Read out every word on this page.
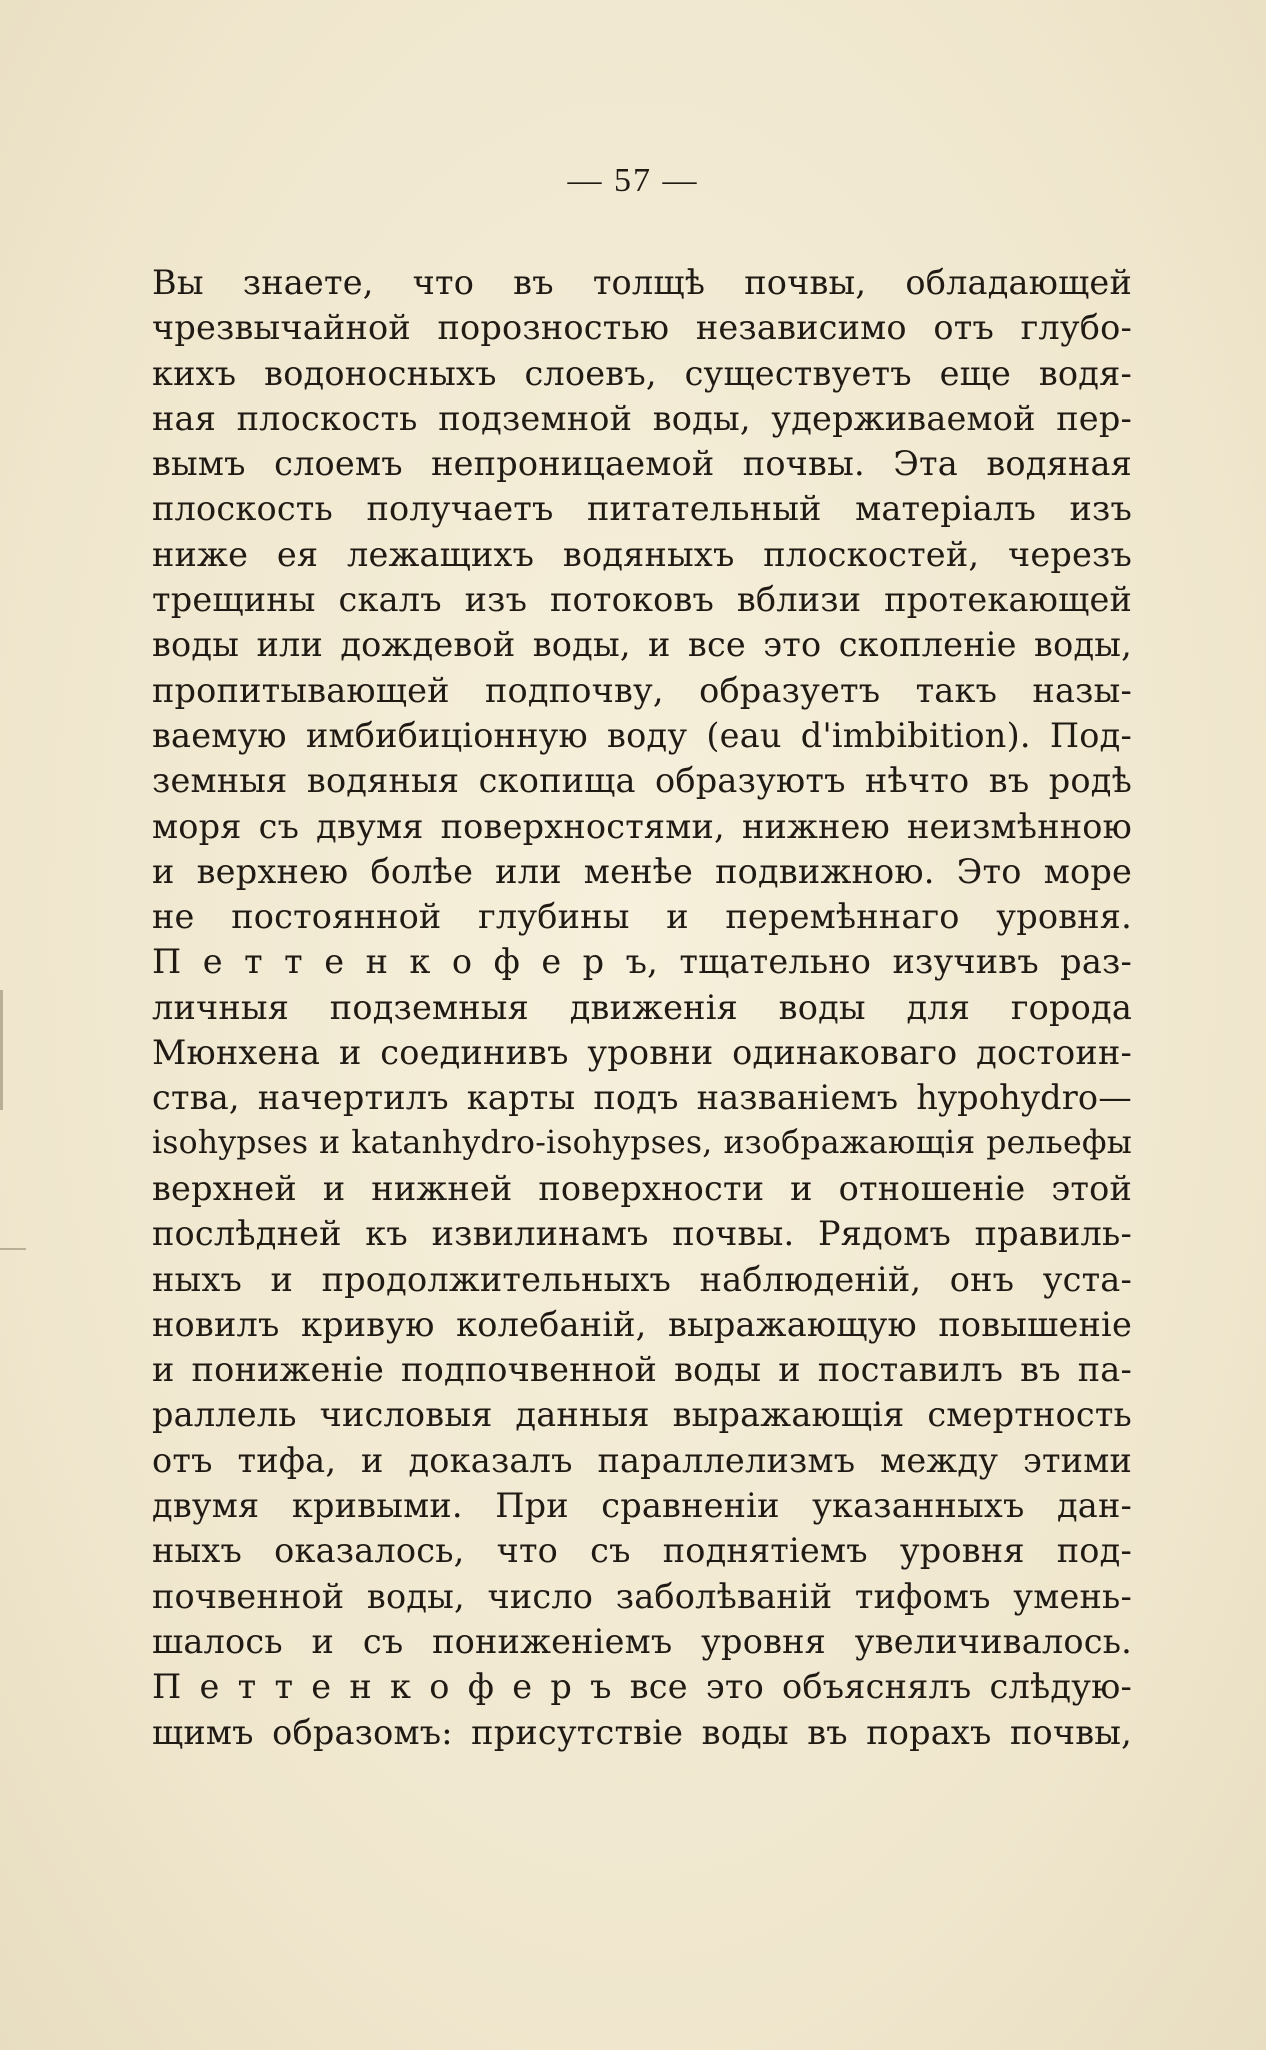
— 57 —
Вы знаете, что въ толщѣ почвы, обладающей
чрезвычайной порозностью независимо отъ глубо-
кихъ водоносныхъ слоевъ, существуетъ еще водя-
ная плоскость подземной воды, удерживаемой пер-
вымъ слоемъ непроницаемой почвы. Эта водяная
плоскость получаетъ питательный матеріалъ изъ
ниже ея лежащихъ водяныхъ плоскостей, черезъ
трещины скалъ изъ потоковъ вблизи протекающей
воды или дождевой воды, и все это скопленіе воды,
пропитывающей подпочву, образуетъ такъ назы-
ваемую имбибиціонную воду (eau d'imbibition). Под-
земныя водяныя скопища образуютъ нѣчто въ родѣ
моря съ двумя поверхностями, нижнею неизмѣнною
и верхнею болѣе или менѣе подвижною. Это море
не постоянной глубины и перемѣннаго уровня.
П е т т е н к о ф е р ъ, тщательно изучивъ раз-
личныя подземныя движенія воды для города
Мюнхена и соединивъ уровни одинаковаго достоин-
ства, начертилъ карты подъ названіемъ hypohydro—
isohypses и katanhydro-isohypses, изображающія рельефы
верхней и нижней поверхности и отношеніе этой
послѣдней къ извилинамъ почвы. Рядомъ правиль-
ныхъ и продолжительныхъ наблюденій, онъ уста-
новилъ кривую колебаній, выражающую повышеніе
и пониженіе подпочвенной воды и поставилъ въ па-
раллель числовыя данныя выражающія смертность
отъ тифа, и доказалъ параллелизмъ между этими
двумя кривыми. При сравненіи указанныхъ дан-
ныхъ оказалось, что съ поднятіемъ уровня под-
почвенной воды, число заболѣваній тифомъ умень-
шалось и съ пониженіемъ уровня увеличивалось.
П е т т е н к о ф е р ъ все это объяснялъ слѣдую-
щимъ образомъ: присутствіе воды въ порахъ почвы,
